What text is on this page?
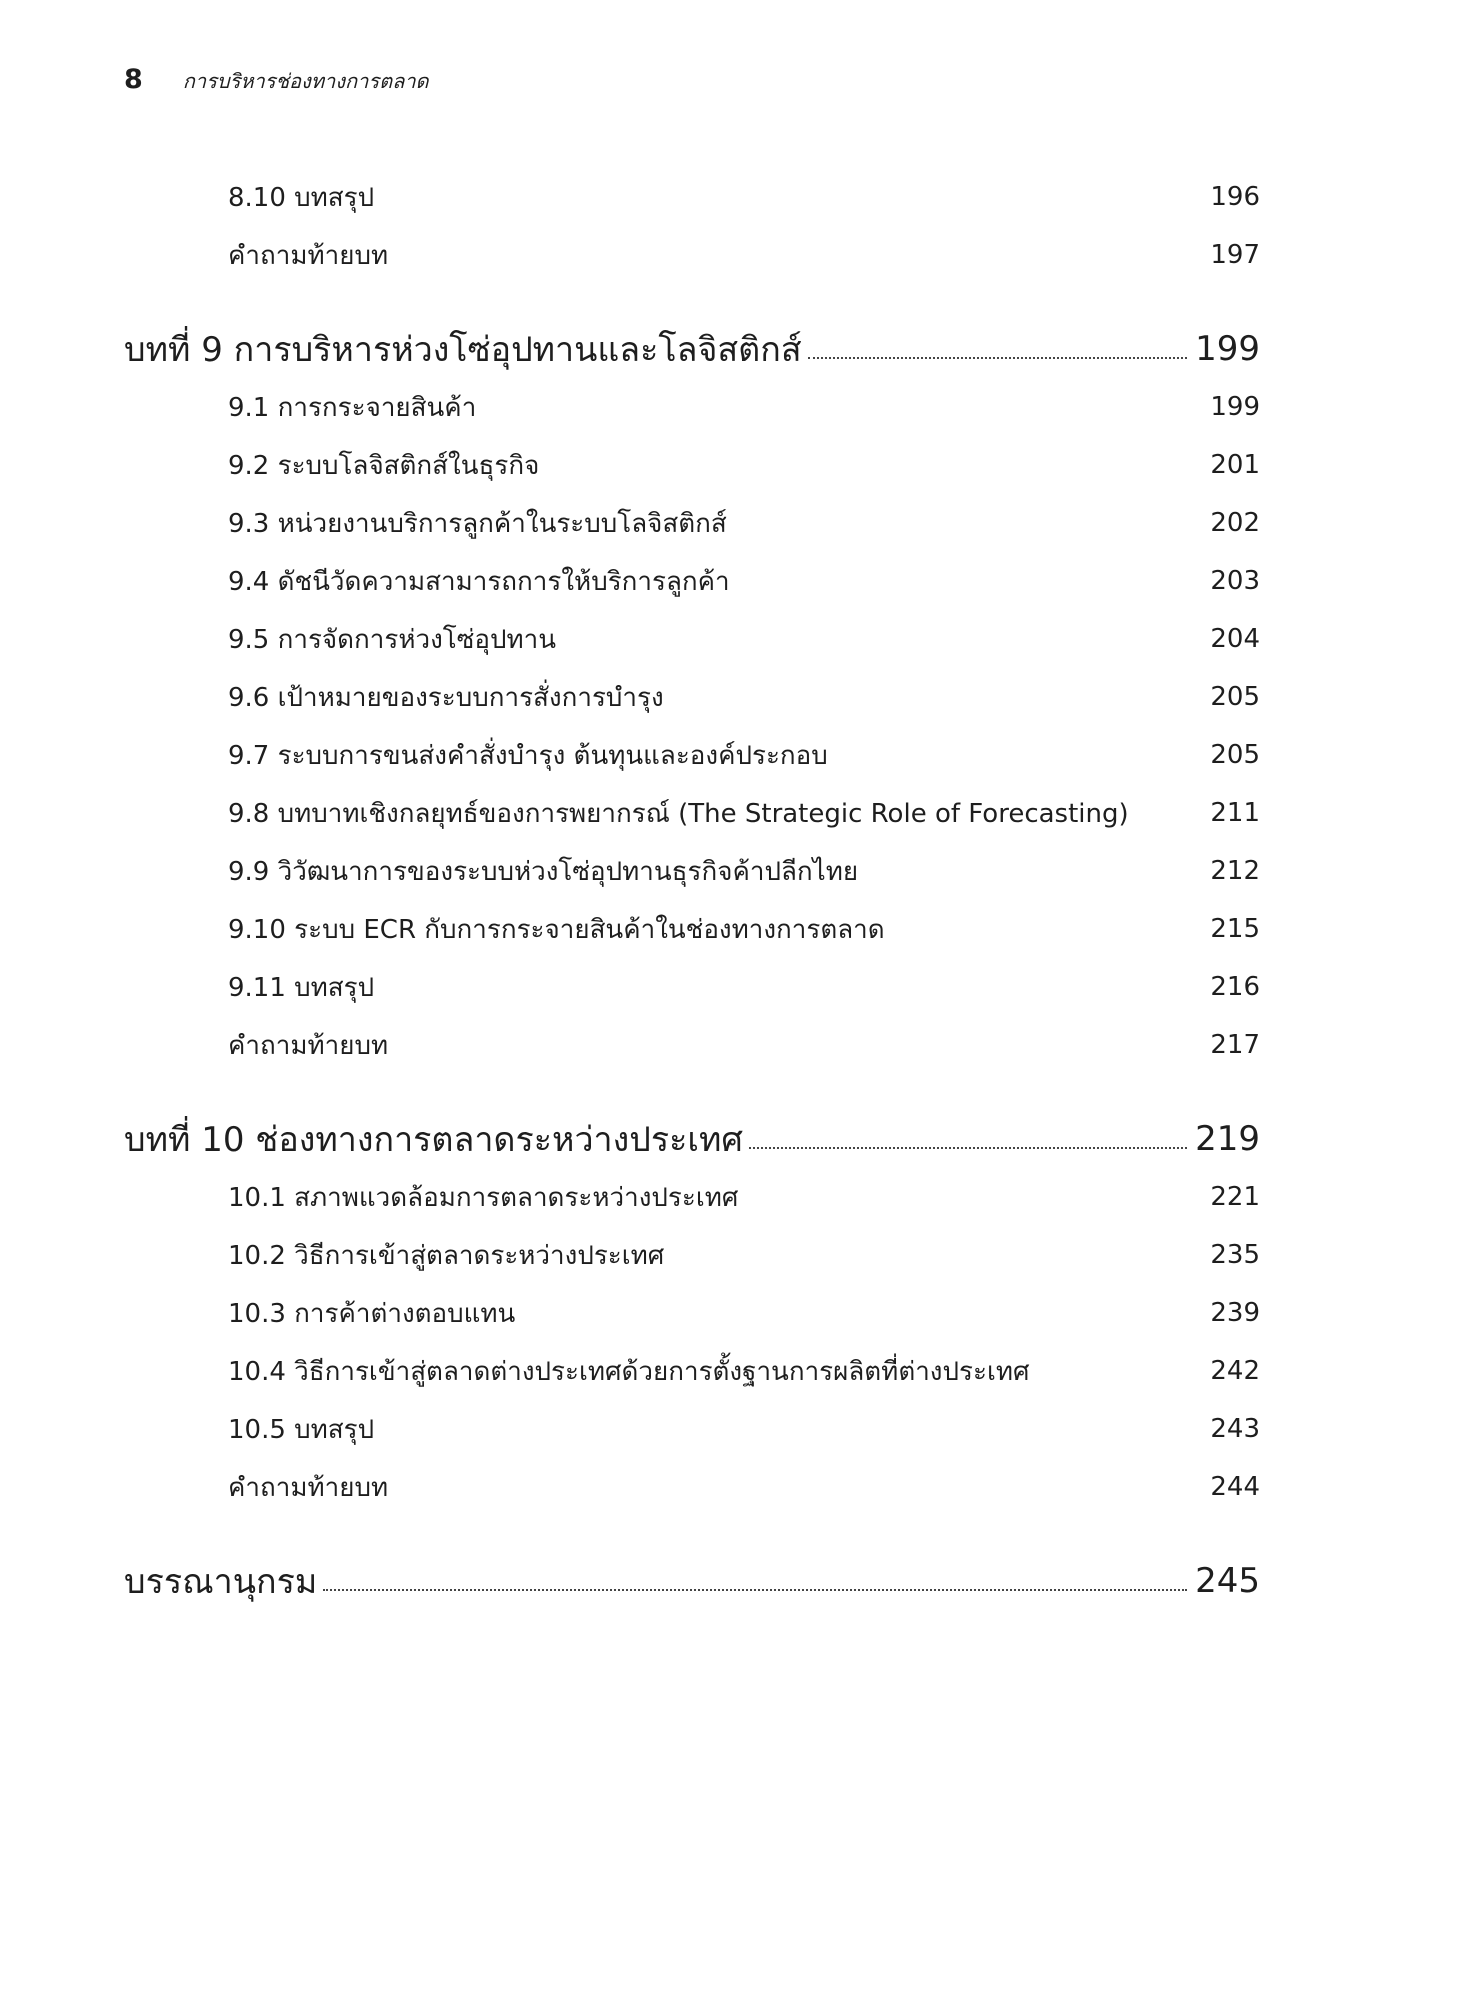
8 การบริหารช่องทางการตลาด
8.10 บทสรุป	196
คำถามท้ายบท	197
บทที่ 9 การบริหารห่วงโซ่อุปทานและโลจิสติกส์	199
9.1 การกระจายสินค้า	199
9.2 ระบบโลจิสติกส์ในธุรกิจ	201
9.3 หน่วยงานบริการลูกค้าในระบบโลจิสติกส์	202
9.4 ดัชนีวัดความสามารถการให้บริการลูกค้า	203
9.5 การจัดการห่วงโซ่อุปทาน	204
9.6 เป้าหมายของระบบการสั่งการบำรุง	205
9.7 ระบบการขนส่งคำสั่งบำรุง ต้นทุนและองค์ประกอบ	205
9.8 บทบาทเชิงกลยุทธ์ของการพยากรณ์ (The Strategic Role of Forecasting)	211
9.9 วิวัฒนาการของระบบห่วงโซ่อุปทานธุรกิจค้าปลีกไทย	212
9.10 ระบบ ECR กับการกระจายสินค้าในช่องทางการตลาด	215
9.11 บทสรุป	216
คำถามท้ายบท	217
บทที่ 10 ช่องทางการตลาดระหว่างประเทศ	219
10.1 สภาพแวดล้อมการตลาดระหว่างประเทศ	221
10.2 วิธีการเข้าสู่ตลาดระหว่างประเทศ	235
10.3 การค้าต่างตอบแทน	239
10.4 วิธีการเข้าสู่ตลาดต่างประเทศด้วยการตั้งฐานการผลิตที่ต่างประเทศ	242
10.5 บทสรุป	243
คำถามท้ายบท	244
บรรณานุกรม	245
